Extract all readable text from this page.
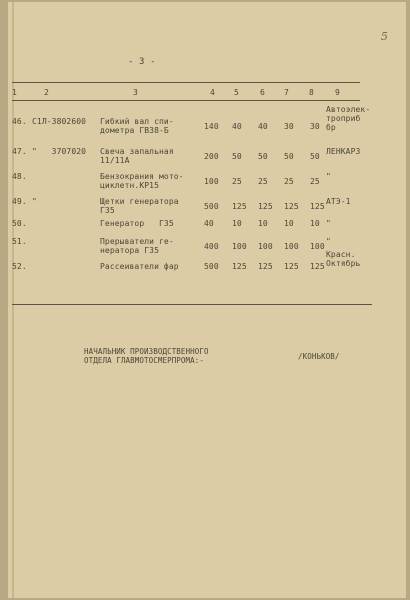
5
- 3 -
1	2	3	4 5	6 7	8	9
46. С1Л-3802600 Гибкий вал спи-
дометра ГВ38-Б	140 40 40 30 30
Автоэлек-
троприб
бр
47. "   3707020 Свеча запальная
11/11А	200 50 50 50 50
ЛЕНКАРЗ
48.	Бензокрания мото-
циклетн.КР15	100 25 25 25 25
"
49. "	Щетки генератора
Г35	500 125 125 125 125
АТЭ-1
50.	Генератор   Г35	40 10 10 10 10 "
51.	Прерыватели ге-
нератора Г35	400 100 100 100 100
"
52.	Рассеиватели фар	500 125 125 125 125
Красн.
Октябрь
НАЧАЛЬНИК ПРОИЗВОДСТВЕННОГО
ОТДЕЛА ГЛАВМОТОСМЕРПРОМА:-	/КОНЬКОВ/
